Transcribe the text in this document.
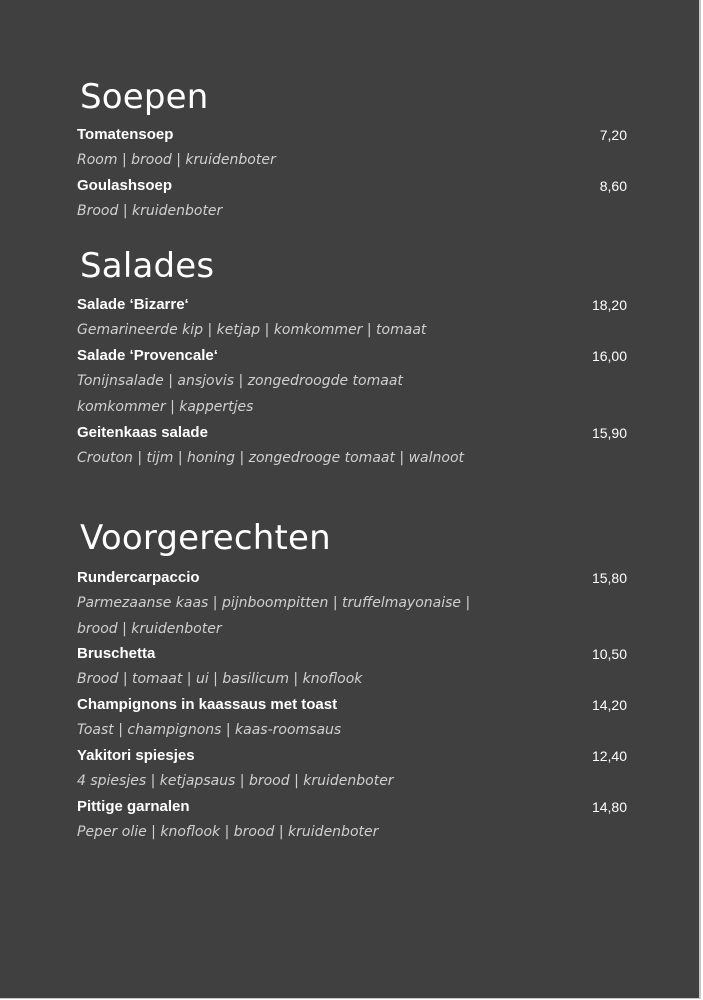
Soepen
Tomatensoep	7,20
Room | brood | kruidenboter
Goulashsoep	8,60
Brood | kruidenboter
Salades
Salade ‘Bizarre‘	18,20
Gemarineerde kip | ketjap | komkommer | tomaat
Salade ‘Provencale‘	16,00
Tonijnsalade | ansjovis | zongedroogde tomaat
komkommer | kappertjes
Geitenkaas salade	15,90
Crouton | tijm | honing | zongedrooge tomaat | walnoot
Voorgerechten
Rundercarpaccio	15,80
Parmezaanse kaas | pijnboompitten | truffelmayonaise |
brood | kruidenboter
Bruschetta	10,50
Brood | tomaat | ui | basilicum | knoflook
Champignons in kaassaus met toast	14,20
Toast | champignons | kaas-roomsaus
Yakitori spiesjes	12,40
4 spiesjes | ketjapsaus | brood | kruidenboter
Pittige garnalen	14,80
Peper olie | knoflook | brood | kruidenboter
